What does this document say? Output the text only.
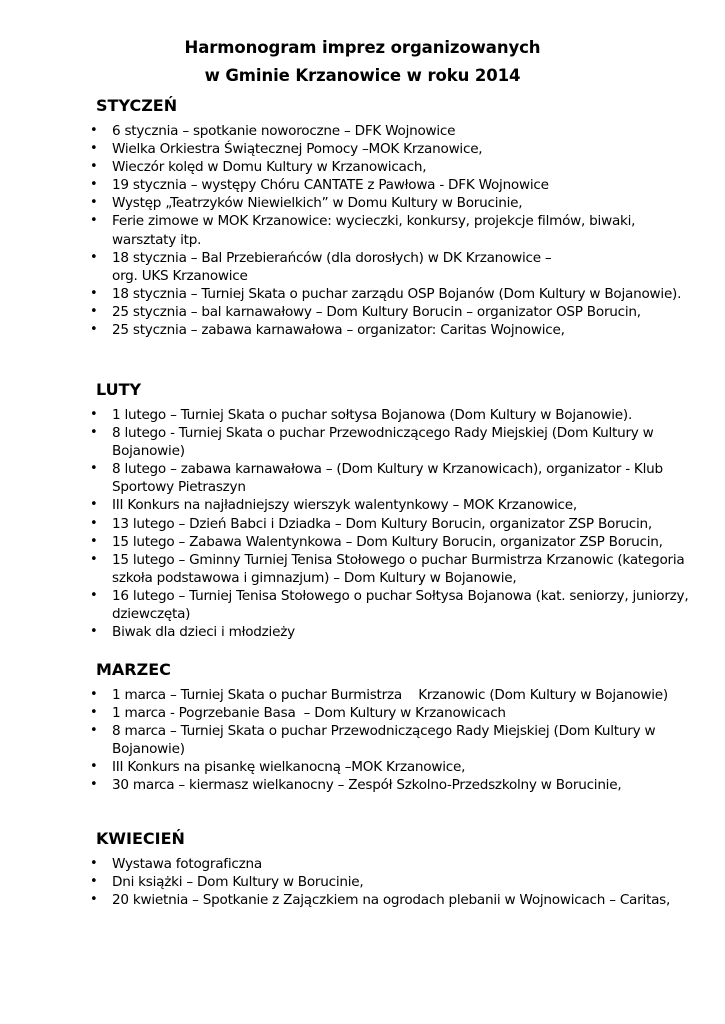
Harmonogram imprez organizowanych
w Gminie Krzanowice w roku 2014
STYCZEŃ
• 6 stycznia – spotkanie noworoczne – DFK Wojnowice
• Wielka Orkiestra Świątecznej Pomocy –MOK Krzanowice,
• Wieczór kolęd w Domu Kultury w Krzanowicach,
• 19 stycznia – występy Chóru CANTATE z Pawłowa - DFK Wojnowice
• Występ „Teatrzyków Niewielkich” w Domu Kultury w Borucinie,
• Ferie zimowe w MOK Krzanowice: wycieczki, konkursy, projekcje filmów, biwaki, warsztaty itp.
• 18 stycznia – Bal Przebierańców (dla dorosłych) w DK Krzanowice – org. UKS Krzanowice
• 18 stycznia – Turniej Skata o puchar zarządu OSP Bojanów (Dom Kultury w Bojanowie).
• 25 stycznia – bal karnawałowy – Dom Kultury Borucin – organizator OSP Borucin,
• 25 stycznia – zabawa karnawałowa – organizator: Caritas Wojnowice,
LUTY
• 1 lutego – Turniej Skata o puchar sołtysa Bojanowa (Dom Kultury w Bojanowie).
• 8 lutego - Turniej Skata o puchar Przewodniczącego Rady Miejskiej (Dom Kultury w Bojanowie)
• 8 lutego – zabawa karnawałowa – (Dom Kultury w Krzanowicach), organizator - Klub Sportowy Pietraszyn
• III Konkurs na najładniejszy wierszyk walentynkowy – MOK Krzanowice,
• 13 lutego – Dzień Babci i Dziadka – Dom Kultury Borucin, organizator ZSP Borucin,
• 15 lutego – Zabawa Walentynkowa – Dom Kultury Borucin, organizator ZSP Borucin,
• 15 lutego – Gminny Turniej Tenisa Stołowego o puchar Burmistrza Krzanowic (kategoria szkoła podstawowa i gimnazjum) – Dom Kultury w Bojanowie,
• 16 lutego – Turniej Tenisa Stołowego o puchar Sołtysa Bojanowa (kat. seniorzy, juniorzy, dziewczęta)
• Biwak dla dzieci i młodzieży
MARZEC
• 1 marca – Turniej Skata o puchar Burmistrza    Krzanowic (Dom Kultury w Bojanowie)
• 1 marca - Pogrzebanie Basa  – Dom Kultury w Krzanowicach
• 8 marca – Turniej Skata o puchar Przewodniczącego Rady Miejskiej (Dom Kultury w Bojanowie)
• III Konkurs na pisankę wielkanocną –MOK Krzanowice,
• 30 marca – kiermasz wielkanocny – Zespół Szkolno-Przedszkolny w Borucinie,
KWIECIEŃ
• Wystawa fotograficzna
• Dni książki – Dom Kultury w Borucinie,
• 20 kwietnia – Spotkanie z Zajączkiem na ogrodach plebanii w Wojnowicach – Caritas,
